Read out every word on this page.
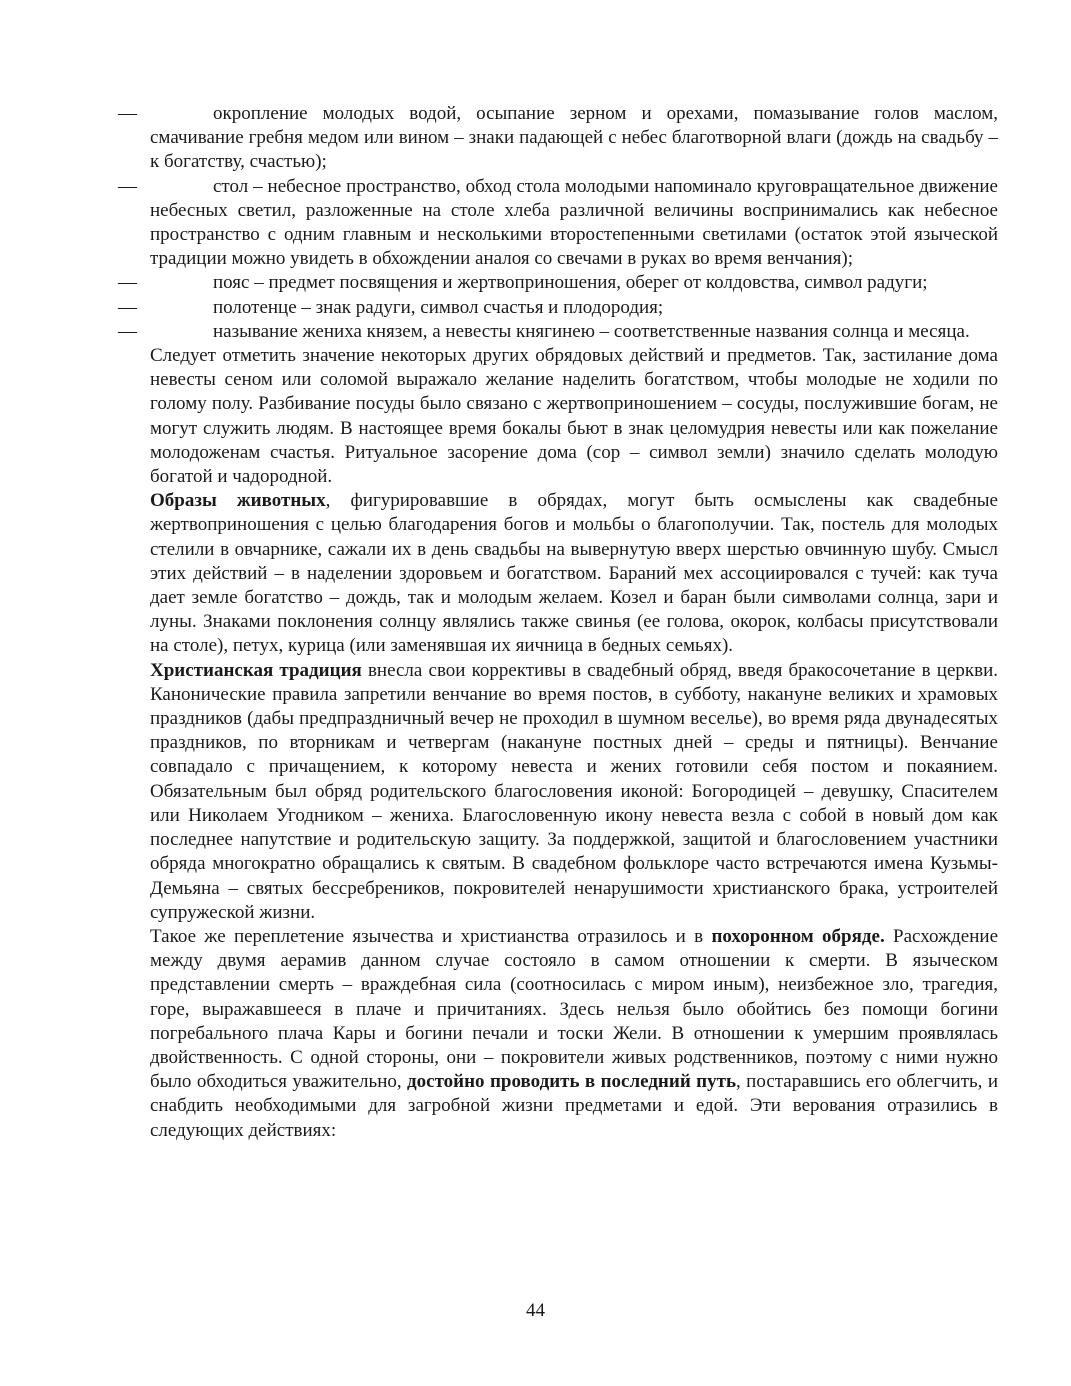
—	окропление молодых водой, осыпание зерном и орехами, помазывание голов маслом, смачивание гребня медом или вином – знаки падающей с небес благотворной влаги (дождь на свадьбу – к богатству, счастью);
—	стол – небесное пространство, обход стола молодыми напоминало круговращательное движение небесных светил, разложенные на столе хлеба различной величины воспринимались как небесное пространство с одним главным и несколькими второстепенными светилами (остаток этой языческой традиции можно увидеть в обхождении аналоя со свечами в руках во время венчания);
—	пояс – предмет посвящения и жертвоприношения, оберег от колдовства, символ радуги;
—	полотенце – знак радуги, символ счастья и плодородия;
—	называние жениха князем, а невесты княгинею – соответственные названия солнца и месяца.

Следует отметить значение некоторых других обрядовых действий и предметов. Так, застилание дома невесты сеном или соломой выражало желание наделить богатством, чтобы молодые не ходили по голому полу. Разбивание посуды было связано с жертвоприношением – сосуды, послужившие богам, не могут служить людям. В настоящее время бокалы бьют в знак целомудрия невесты или как пожелание молодоженам счастья. Ритуальное засорение дома (сор – символ земли) значило сделать молодую богатой и чадородной.

Образы животных, фигурировавшие в обрядах, могут быть осмыслены как свадебные жертвоприношения с целью благодарения богов и мольбы о благополучии. Так, постель для молодых стелили в овчарнике, сажали их в день свадьбы на вывернутую вверх шерстью овчинную шубу. Смысл этих действий – в наделении здоровьем и богатством. Бараний мех ассоциировался с тучей: как туча дает земле богатство – дождь, так и молодым желаем. Козел и баран были символами солнца, зари и луны. Знаками поклонения солнцу являлись также свинья (ее голова, окорок, колбасы присутствовали на столе), петух, курица (или заменявшая их яичница в бедных семьях).

Христианская традиция внесла свои коррективы в свадебный обряд, введя бракосочетание в церкви. Канонические правила запретили венчание во время постов, в субботу, накануне великих и храмовых праздников (дабы предпраздничный вечер не проходил в шумном веселье), во время ряда двунадесятых праздников, по вторникам и четвергам (накануне постных дней – среды и пятницы). Венчание совпадало с причащением, к которому невеста и жених готовили себя постом и покаянием. Обязательным был обряд родительского благословения иконой: Богородицей – девушку, Спасителем или Николаем Угодником – жениха. Благословенную икону невеста везла с собой в новый дом как последнее напутствие и родительскую защиту. За поддержкой, защитой и благословением участники обряда многократно обращались к святым. В свадебном фольклоре часто встречаются имена Кузьмы-Демьяна – святых бессребреников, покровителей ненарушимости христианского брака, устроителей супружеской жизни.

Такое же переплетение язычества и христианства отразилось и в похоронном обряде. Расхождение между двумя аерамив данном случае состояло в самом отношении к смерти. В языческом представлении смерть – враждебная сила (соотносилась с миром иным), неизбежное зло, трагедия, горе, выражавшееся в плаче и причитаниях. Здесь нельзя было обойтись без помощи богини погребального плача Кары и богини печали и тоски Жели. В отношении к умершим проявлялась двойственность. С одной стороны, они – покровители живых родственников, поэтому с ними нужно было обходиться уважительно, достойно проводить в последний путь, постаравшись его облегчить, и снабдить необходимыми для загробной жизни предметами и едой. Эти верования отразились в следующих действиях:

44
